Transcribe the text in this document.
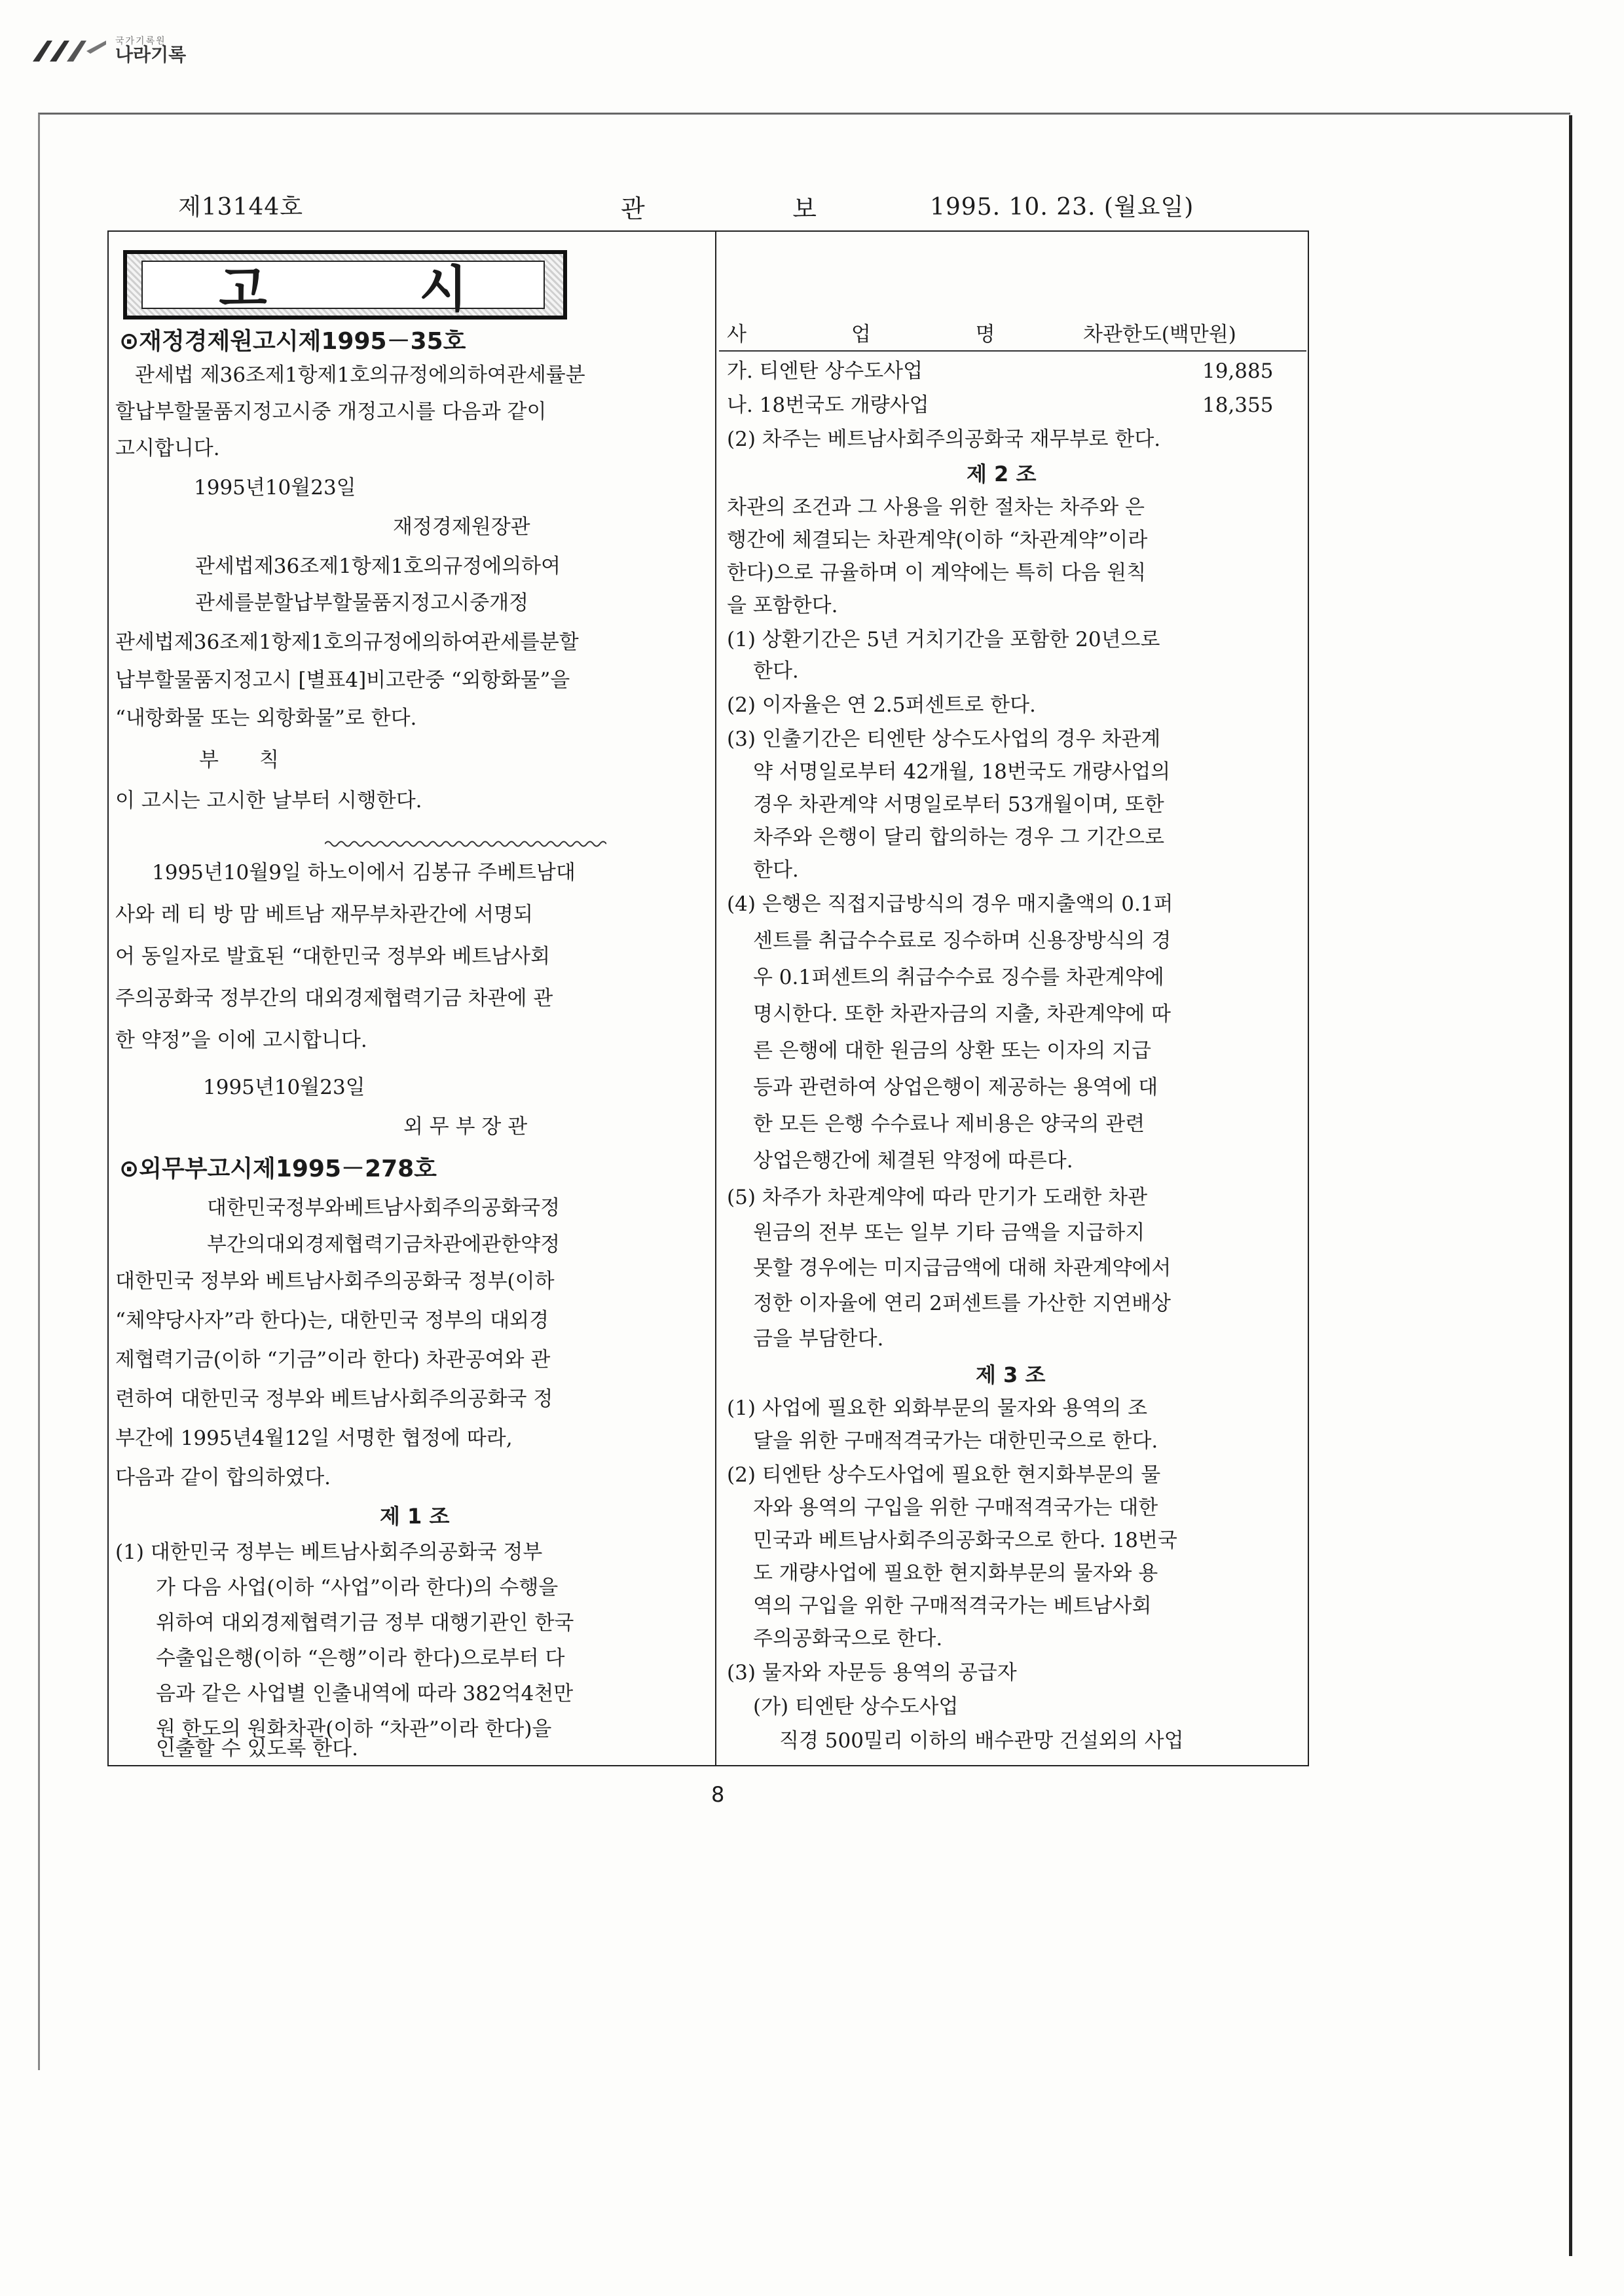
국가기록원
나라기록
제13144호	관	보	1995. 10. 23. (월요일)
고	시
⊙재정경제원고시제1995－35호
관세법 제36조제1항제1호의규정에의하여관세률분
할납부할물품지정고시중 개정고시를 다음과 같이
고시합니다.
1995년10월23일
재정경제원장관
관세법제36조제1항제1호의규정에의하여
관세를분할납부할물품지정고시중개정
관세법제36조제1항제1호의규정에의하여관세를분할
납부할물품지정고시 [별표4]비고란중 “외항화물”을
“내항화물 또는 외항화물”로 한다.
부　　칙
이 고시는 고시한 날부터 시행한다.
1995년10월9일 하노이에서 김봉규 주베트남대
사와 레 티 방 맘 베트남 재무부차관간에 서명되
어 동일자로 발효된 “대한민국 정부와 베트남사회
주의공화국 정부간의 대외경제협력기금 차관에 관
한 약정”을 이에 고시합니다.
1995년10월23일
외 무 부 장 관
⊙외무부고시제1995－278호
대한민국정부와베트남사회주의공화국정
부간의대외경제협력기금차관에관한약정
대한민국 정부와 베트남사회주의공화국 정부(이하
“체약당사자”라 한다)는, 대한민국 정부의 대외경
제협력기금(이하 “기금”이라 한다) 차관공여와 관
련하여 대한민국 정부와 베트남사회주의공화국 정
부간에 1995년4월12일 서명한 협정에 따라,
다음과 같이 합의하였다.
제 1 조
(1) 대한민국 정부는 베트남사회주의공화국 정부
가 다음 사업(이하 “사업”이라 한다)의 수행을
위하여 대외경제협력기금 정부 대행기관인 한국
수출입은행(이하 “은행”이라 한다)으로부터 다
음과 같은 사업별 인출내역에 따라 382억4천만
원 한도의 원화차관(이하 “차관”이라 한다)을
사	업	명	차관한도(백만원)
가. 티엔탄 상수도사업	19,885
나. 18번국도 개량사업	18,355
(2) 차주는 베트남사회주의공화국 재무부로 한다.
제 2 조
차관의 조건과 그 사용을 위한 절차는 차주와 은
행간에 체결되는 차관계약(이하 “차관계약”이라
한다)으로 규율하며 이 계약에는 특히 다음 원칙
을 포함한다.
(1) 상환기간은 5년 거치기간을 포함한 20년으로
한다.
(2) 이자율은 연 2.5퍼센트로 한다.
(3) 인출기간은 티엔탄 상수도사업의 경우 차관계
약 서명일로부터 42개월, 18번국도 개량사업의
경우 차관계약 서명일로부터 53개월이며, 또한
차주와 은행이 달리 합의하는 경우 그 기간으로
한다.
(4) 은행은 직접지급방식의 경우 매지출액의 0.1퍼
센트를 취급수수료로 징수하며 신용장방식의 경
우 0.1퍼센트의 취급수수료 징수를 차관계약에
명시한다. 또한 차관자금의 지출, 차관계약에 따
른 은행에 대한 원금의 상환 또는 이자의 지급
등과 관련하여 상업은행이 제공하는 용역에 대
한 모든 은행 수수료나 제비용은 양국의 관련
상업은행간에 체결된 약정에 따른다.
(5) 차주가 차관계약에 따라 만기가 도래한 차관
원금의 전부 또는 일부 기타 금액을 지급하지
못할 경우에는 미지급금액에 대해 차관계약에서
정한 이자율에 연리 2퍼센트를 가산한 지연배상
금을 부담한다.
제 3 조
(1) 사업에 필요한 외화부문의 물자와 용역의 조
달을 위한 구매적격국가는 대한민국으로 한다.
(2) 티엔탄 상수도사업에 필요한 현지화부문의 물
자와 용역의 구입을 위한 구매적격국가는 대한
민국과 베트남사회주의공화국으로 한다. 18번국
도 개량사업에 필요한 현지화부문의 물자와 용
역의 구입을 위한 구매적격국가는 베트남사회
주의공화국으로 한다.
(3) 물자와 자문등 용역의 공급자
(가) 티엔탄 상수도사업
직경 500밀리 이하의 배수관망 건설외의 사업
인출할 수 있도록 한다.
8
